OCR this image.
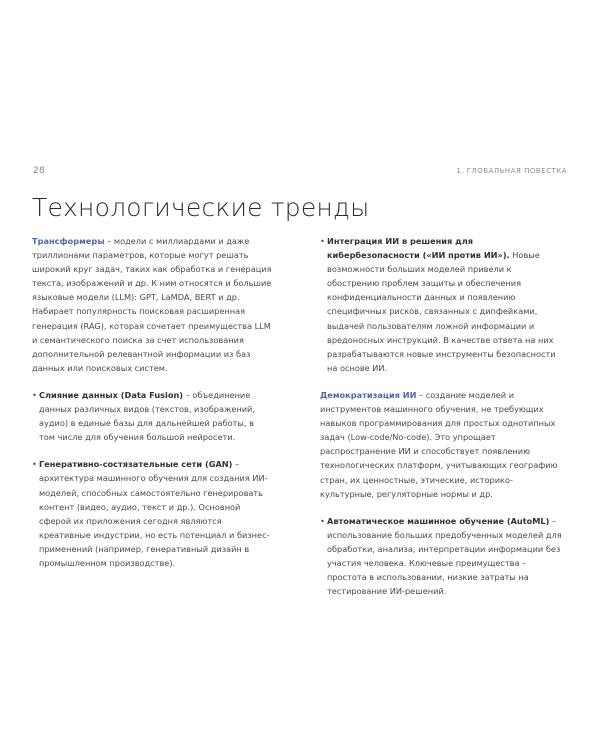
28	1. ГЛОБАЛЬНАЯ ПОВЕСТКА
Технологические тренды

Трансформеры – модели с миллиардами и даже триллионами параметров, которые могут решать широкий круг задач, таких как обработка и генерация текста, изображений и др. К ним относятся и большие языковые модели (LLM): GPT, LaMDA, BERT и др. Набирает популярность поисковая расширенная генерация (RAG), которая сочетает преимущества LLM и семантического поиска за счет использования дополнительной релевантной информации из баз данных или поисковых систем.

• Слияние данных (Data Fusion) – объединение данных различных видов (текстов, изображений, аудио) в единые базы для дальнейшей работы, в том числе для обучения большой нейросети.

• Генеративно-состязательные сети (GAN) – архитектура машинного обучения для создания ИИ-моделей, способных самостоятельно генерировать контент (видео, аудио, текст и др.). Основной сферой их приложения сегодня являются креативные индустрии, но есть потенциал и бизнес-применений (например, генеративный дизайн в промышленном производстве).

• Интеграция ИИ в решения для кибербезопасности («ИИ против ИИ»). Новые возможности больших моделей привели к обострению проблем защиты и обеспечения конфиденциальности данных и появлению специфичных рисков, связанных с дипфейками, выдачей пользователям ложной информации и вредоносных инструкций. В качестве ответа на них разрабатываются новые инструменты безопасности на основе ИИ.

Демократизация ИИ – создание моделей и инструментов машинного обучения, не требующих навыков программирования для простых однотипных задач (Low-code/No-code). Это упрощает распространение ИИ и способствует появлению технологических платформ, учитывающих географию стран, их ценностные, этические, историко-культурные, регуляторные нормы и др.

• Автоматическое машинное обучение (AutoML) – использование больших предобученных моделей для обработки, анализа, интерпретации информации без участия человека. Ключевые преимущества – простота в использовании, низкие затраты на тестирование ИИ-решений.
